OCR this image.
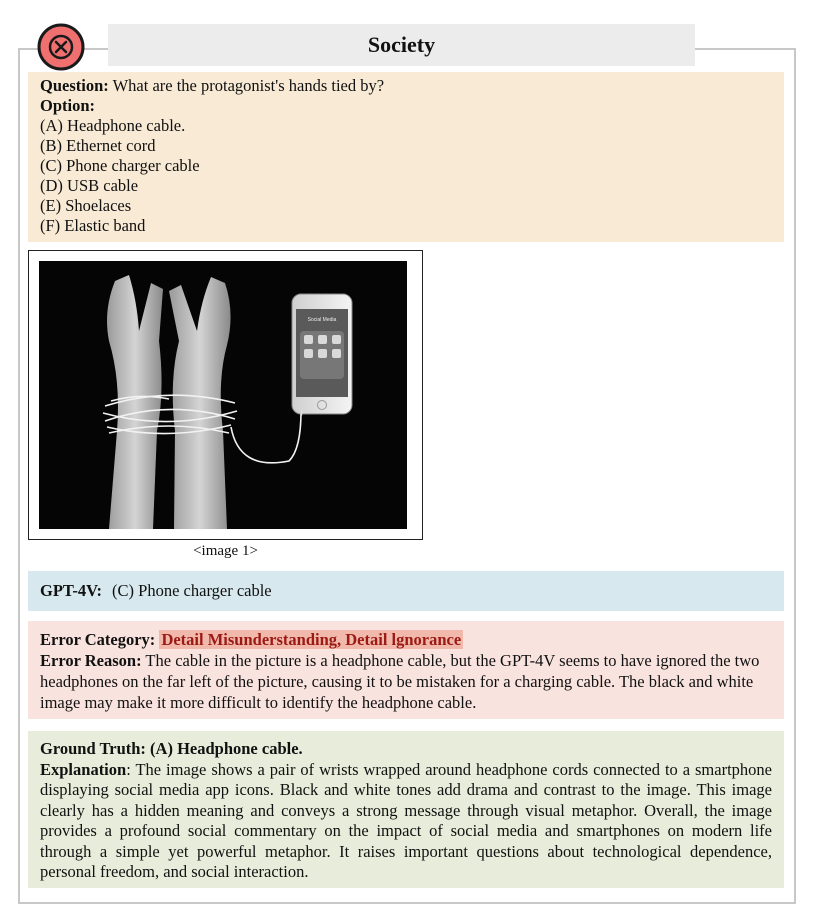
Society
Question: What are the protagonist's hands tied by?
Option:
(A) Headphone cable.
(B) Ethernet cord
(C) Phone charger cable
(D) USB cable
(E) Shoelaces
(F) Elastic band
Social Media
<image 1>
GPT-4V: (C) Phone charger cable
Error Category: Detail Misunderstanding, Detail lgnorance
Error Reason: The cable in the picture is a headphone cable, but the GPT-4V seems to have ignored the two headphones on the far left of the picture, causing it to be mistaken for a charging cable. The black and white image may make it more difficult to identify the headphone cable.
Ground Truth: (A) Headphone cable.
Explanation: The image shows a pair of wrists wrapped around headphone cords connected to a smartphone displaying social media app icons. Black and white tones add drama and contrast to the image. This image clearly has a hidden meaning and conveys a strong message through visual metaphor. Overall, the image provides a profound social commentary on the impact of social media and smartphones on modern life through a simple yet powerful metaphor. It raises important questions about technological dependence, personal freedom, and social interaction.
